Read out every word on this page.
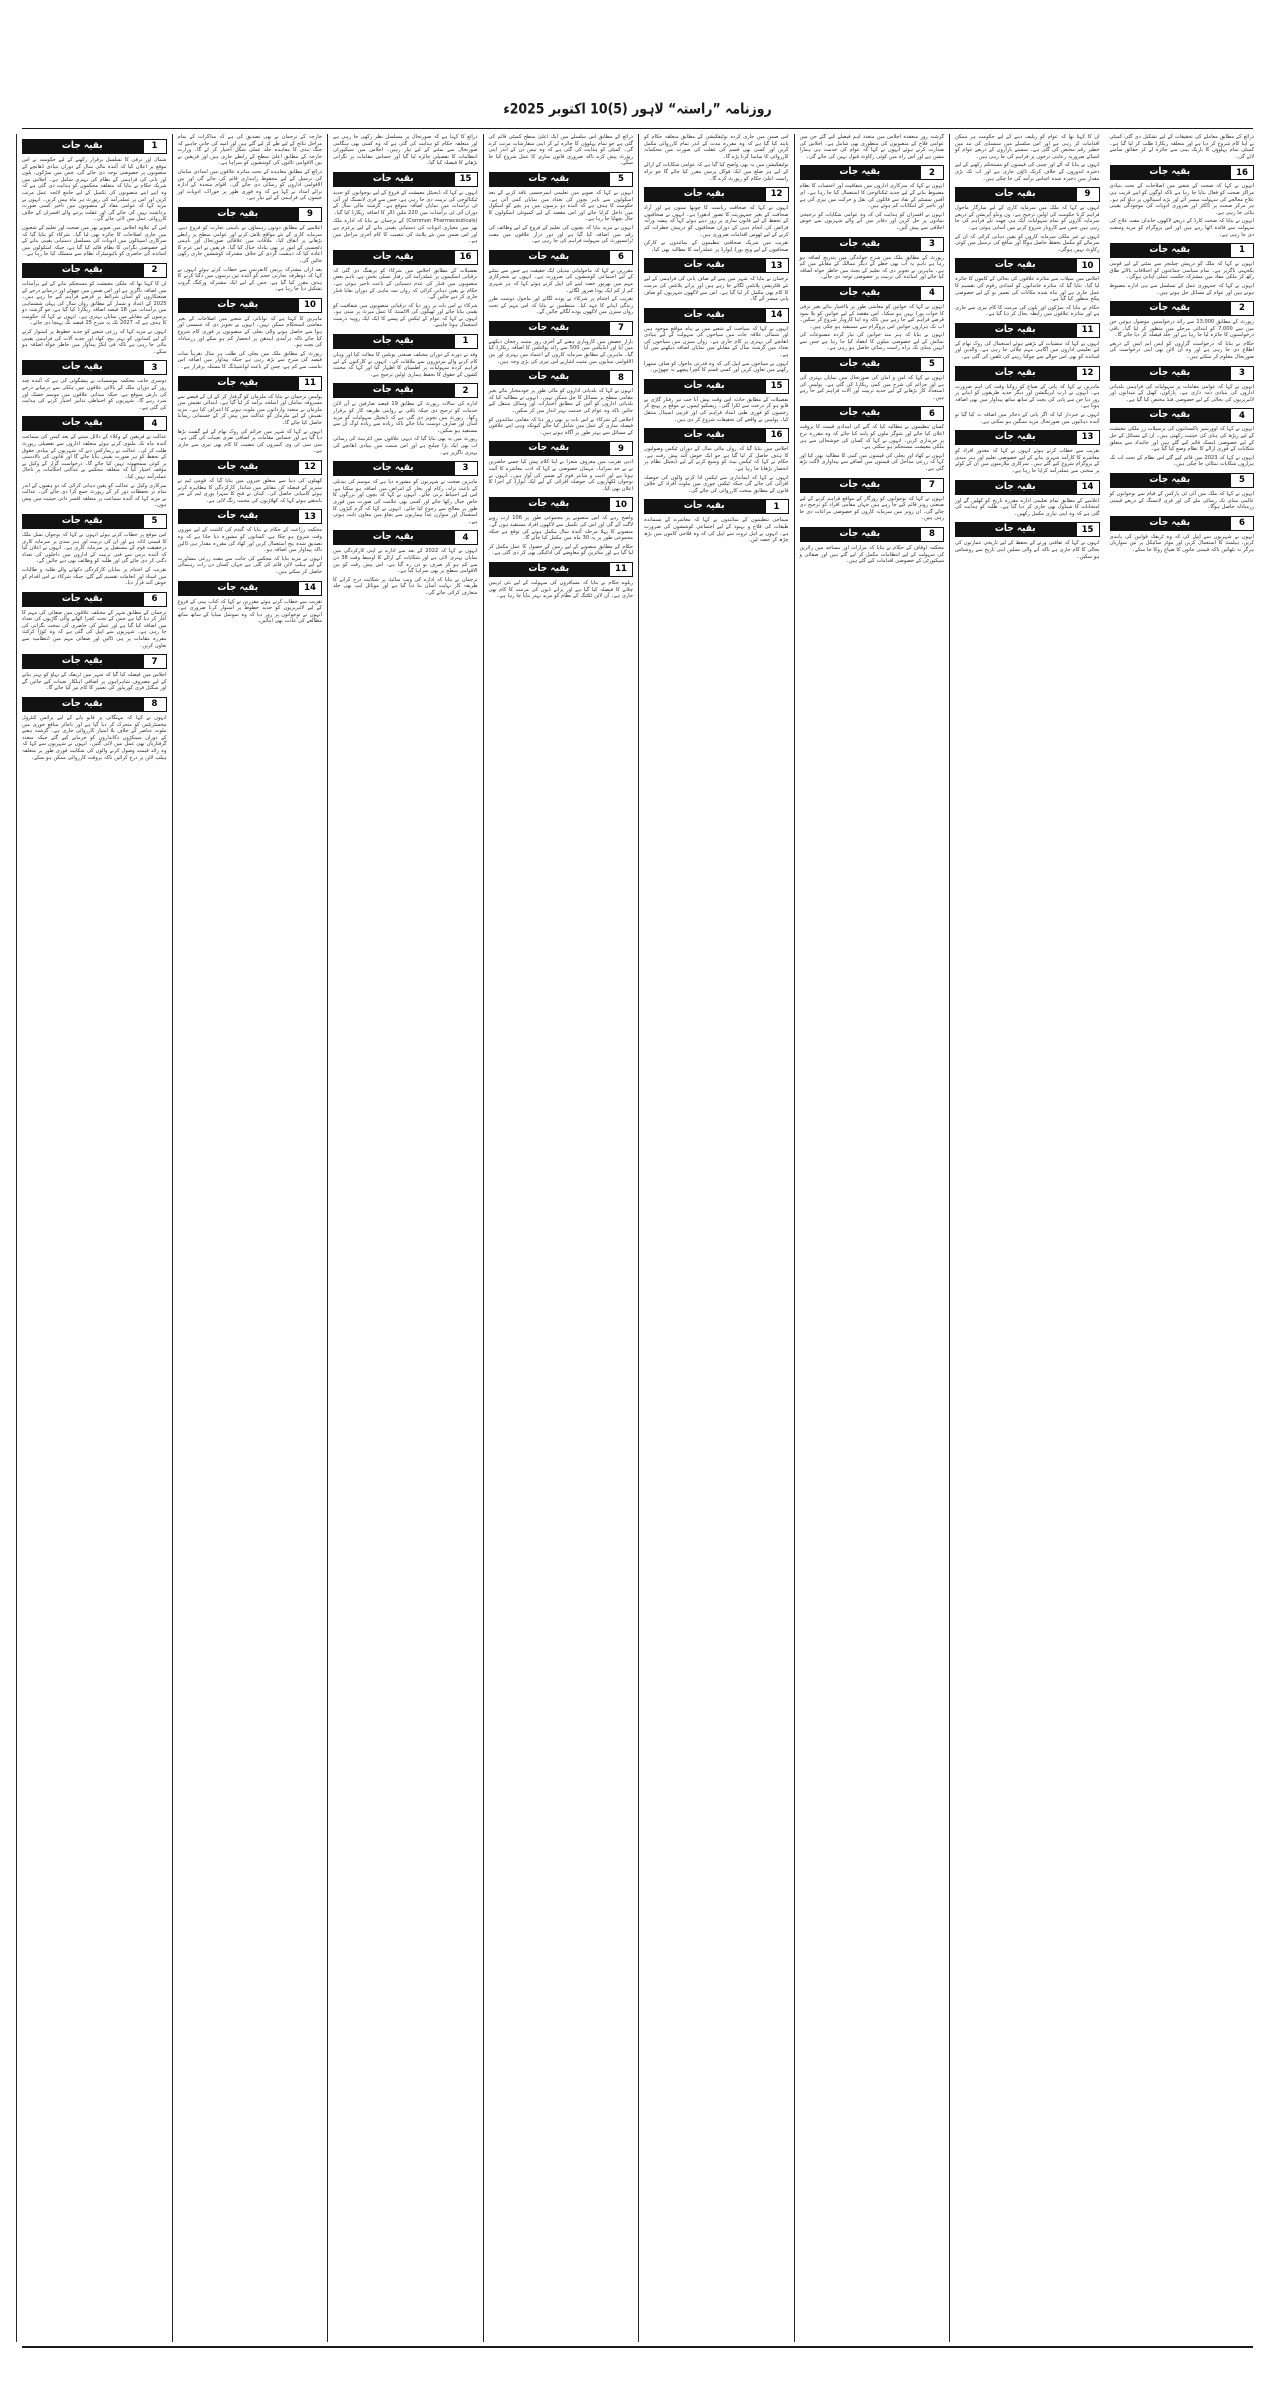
روزنامہ ”راستہ“ لاہور (5)10 اکتوبر 2025ء
1
بقیہ جات

شمال اور ترقی کا تسلسل برقرار رکھنے کے لیے حکومت نے اس موقع پر اعلان کیا کہ آئندہ مالی سال کے دوران بنیادی ڈھانچے کے منصوبوں پر خصوصی توجہ دی جائے گی، جس میں سڑکوں، پلوں اور پانی کی فراہمی کے نظام کی بہتری شامل ہے۔ اجلاس میں شریک حکام نے بتایا کہ متعلقہ محکموں کو ہدایت دی گئی ہے کہ وہ اپنے اپنے منصوبوں کی تکمیل کے لیے جامع لائحہ عمل مرتب کریں اور اس پر عملدرآمد کی رپورٹ ہر ماہ پیش کریں۔ انہوں نے مزید کہا کہ عوامی مفاد کے منصوبوں میں تاخیر کسی صورت برداشت نہیں کی جائے گی اور غفلت برتنے والے افسران کے خلاف کارروائی عمل میں لائی جائے گی۔

اس کے علاوہ اجلاس میں صوبے بھر میں صحت اور تعلیم کے شعبوں میں جاری اصلاحات کا جائزہ بھی لیا گیا۔ شرکاء کو بتایا گیا کہ سرکاری اسپتالوں میں ادویات کی مسلسل دستیابی یقینی بنانے کے لیے خصوصی نگرانی کا نظام قائم کیا گیا ہے، جبکہ اسکولوں میں اساتذہ کی حاضری کو بائیومیٹرک نظام سے منسلک کیا جا رہا ہے۔

2
بقیہ جات

ان کا کہنا تھا کہ ملکی معیشت کو مستحکم بنانے کے لیے برآمدات میں اضافہ ناگزیر ہے اور اس ضمن میں چھوٹے اور درمیانے درجے کے صنعتکاروں کو آسان شرائط پر قرضے فراہم کیے جا رہے ہیں۔ 2025 کے اعداد و شمار کے مطابق رواں سال کی پہلی ششماہی میں برآمدات میں 18 فیصد اضافہ ریکارڈ کیا گیا ہے، جو گزشتہ دو برسوں کے مقابلے میں نمایاں بہتری ہے۔ انہوں نے کہا کہ حکومت کا ہدف ہے کہ 2027 تک یہ شرح 25 فیصد تک پہنچا دی جائے۔

انہوں نے مزید کہا کہ زرعی شعبے کو جدید خطوط پر استوار کرنے کے لیے کسانوں کو بہتر بیج، کھاد اور جدید آلات کی فراہمی یقینی بنائی جا رہی ہے تاکہ فی ایکڑ پیداوار میں خاطر خواہ اضافہ ہو سکے۔

3
بقیہ جات

دوسری جانب محکمہ موسمیات نے پیشگوئی کی ہے کہ آئندہ چند روز کے دوران ملک کے بالائی علاقوں میں ہلکی سے درمیانے درجے کی بارش متوقع ہے، جبکہ میدانی علاقوں میں موسم خشک اور سرد رہے گا۔ شہریوں کو احتیاطی تدابیر اختیار کرنے کی ہدایت کی گئی ہے۔

4
بقیہ جات

عدالت نے فریقین کے وکلاء کے دلائل سننے کے بعد کیس کی سماعت آئندہ ماہ تک ملتوی کرتے ہوئے متعلقہ اداروں سے تفصیلی رپورٹ طلب کر لی۔ عدالت نے ریمارکس دیے کہ شہریوں کے بنیادی حقوق کے تحفظ کو ہر صورت یقینی بنایا جائے گا اور قانون کی بالادستی پر کوئی سمجھوتہ نہیں کیا جائے گا۔ درخواست گزار کے وکیل نے مؤقف اختیار کیا کہ متعلقہ محکمے نے عدالتی احکامات پر تاحال عملدرآمد نہیں کیا۔

سرکاری وکیل نے عدالت کو یقین دہانی کرائی کہ دو ہفتوں کے اندر تمام تر تحفظات دور کر کے رپورٹ جمع کرا دی جائے گی۔ عدالت نے مزید کہا کہ آئندہ سماعت پر متعلقہ افسر ذاتی حیثیت میں پیش ہوں۔

5
بقیہ جات

اس موقع پر خطاب کرتے ہوئے انہوں نے کہا کہ نوجوان نسل ملک کا قیمتی اثاثہ ہے اور ان کی تربیت اور ہنر مندی پر سرمایہ کاری درحقیقت قوم کے مستقبل پر سرمایہ کاری ہے۔ انہوں نے اعلان کیا کہ آئندہ برس سے فنی تربیت کے اداروں میں داخلوں کی تعداد دگنی کر دی جائے گی اور طلبہ کو وظائف بھی دیے جائیں گے۔

تقریب کے اختتام پر نمایاں کارکردگی دکھانے والے طلبہ و طالبات میں اسناد اور انعامات تقسیم کیے گئے، جبکہ شرکاء نے اس اقدام کو خوش آئند قرار دیا۔

6
بقیہ جات

ترجمان کے مطابق شہر کے مختلف علاقوں میں صفائی کی مہم کا آغاز کر دیا گیا ہے جس کے تحت کچرا اٹھانے والی گاڑیوں کی تعداد میں اضافہ کیا گیا ہے اور عملے کی حاضری کی سخت نگرانی کی جا رہی ہے۔ شہریوں سے اپیل کی گئی ہے کہ وہ کوڑا کرکٹ مقررہ مقامات پر ہی ڈالیں اور صفائی مہم میں انتظامیہ سے تعاون کریں۔

7
بقیہ جات

اجلاس میں فیصلہ کیا گیا کہ شہر میں ٹریفک کے بہاؤ کو بہتر بنانے کے لیے مصروف شاہراہوں پر اضافی اہلکار تعینات کیے جائیں گے اور سگنل فری کوریڈور کی تعمیر کا کام تیز کیا جائے گا۔

8
بقیہ جات

انہوں نے کہا کہ مہنگائی پر قابو پانے کے لیے پرائس کنٹرول مجسٹریٹس کو متحرک کر دیا گیا ہے اور ناجائز منافع خوری میں ملوث عناصر کے خلاف بلا امتیاز کارروائی جاری ہے۔ گزشتہ ہفتے کے دوران سینکڑوں دکانداروں کو جرمانے کیے گئے جبکہ متعدد گرفتاریاں بھی عمل میں لائی گئیں۔ انہوں نے شہریوں سے کہا کہ وہ زائد قیمت وصول کرنے والوں کی شکایت فوری طور پر متعلقہ ہیلپ لائن پر درج کرائیں تاکہ بروقت کارروائی ممکن ہو سکے۔

خارجہ کے ترجمان نے بھی تصدیق کی ہے کہ مذاکرات کے تمام مراحل نتائج کے لیے طے کر لیے گئے ہیں اور امید کی جانی چاہیے کہ جنگ بندی کا معاہدہ جلد عملی شکل اختیار کر لے گا۔ وزارت خارجہ کے مطابق اعلیٰ سطح کے رابطے جاری ہیں اور فریقین نے بین الاقوامی ثالثوں کی کوششوں کو سراہا ہے۔

ذرائع کے مطابق معاہدے کے تحت متاثرہ علاقوں میں امدادی سامان کی ترسیل کے لیے محفوظ راہداری قائم کی جائے گی اور بین الاقوامی اداروں کو رسائی دی جائے گی۔ اقوام متحدہ کے ادارہ برائے امداد نے کہا ہے کہ وہ فوری طور پر خوراک، ادویات اور خیموں کی فراہمی کے لیے تیار ہے۔

9
بقیہ جات

اعلامیے کے مطابق دونوں رہنماؤں نے باہمی تجارت کو فروغ دینے، سرمایہ کاری کے نئے مواقع تلاش کرنے اور عوامی سطح پر رابطے بڑھانے پر اتفاق کیا۔ ملاقات میں علاقائی صورتحال اور باہمی دلچسپی کے امور پر بھی تبادلہ خیال کیا گیا۔ فریقین نے اس عزم کا اعادہ کیا کہ دہشت گردی کے خلاف مشترکہ کوششیں جاری رکھی جائیں گی۔

بعد ازاں مشترکہ پریس کانفرنس سے خطاب کرتے ہوئے انہوں نے کہا کہ دوطرفہ تجارتی حجم کو آئندہ تین برسوں میں دگنا کرنے کا ہدف مقرر کیا گیا ہے، جس کے لیے ایک مشترکہ ورکنگ گروپ تشکیل دیا جا رہا ہے۔

10
بقیہ جات

ماہرین کا کہنا ہے کہ توانائی کے شعبے میں اصلاحات کے بغیر معاشی استحکام ممکن نہیں۔ انہوں نے تجویز دی کہ شمسی اور ہوا سے حاصل ہونے والی بجلی کے منصوبوں پر فوری کام شروع کیا جائے تاکہ درآمدی ایندھن پر انحصار کم ہو سکے اور زرمبادلہ کی بچت ہو۔

رپورٹ کے مطابق ملک میں بجلی کی طلب ہر سال تقریباً سات فیصد کی شرح سے بڑھ رہی ہے جبکہ پیداوار میں اضافہ اس تناسب سے کم ہے، جس کے باعث لوڈشیڈنگ کا مسئلہ برقرار ہے۔

11
بقیہ جات

پولیس ترجمان نے بتایا کہ ملزمان کو گرفتار کر کے ان کے قبضے سے مسروقہ سامان اور اسلحہ برآمد کر لیا گیا ہے۔ ابتدائی تفتیش میں ملزمان نے متعدد وارداتوں میں ملوث ہونے کا اعتراف کیا ہے۔ مزید تفتیش کے لیے ملزمان کو عدالت میں پیش کر کے جسمانی ریمانڈ حاصل کیا جائے گا۔

انہوں نے کہا کہ شہر میں جرائم کی روک تھام کے لیے گشت بڑھا دیا گیا ہے اور حساس مقامات پر اضافی نفری تعینات کی گئی ہے۔ سی سی ٹی وی کیمروں کی تنصیب کا کام بھی تیزی سے جاری ہے۔

12
بقیہ جات

کھیلوں کی دنیا سے متعلق خبروں میں بتایا گیا کہ قومی ٹیم نے سیریز کے فیصلہ کن مقابلے میں شاندار کارکردگی کا مظاہرہ کرتے ہوئے کامیابی حاصل کی۔ کپتان نے فتح کا سہرا پوری ٹیم کے سر باندھتے ہوئے کہا کہ کھلاڑیوں کی محنت رنگ لائی ہے۔

13
بقیہ جات

محکمہ زراعت کے حکام نے بتایا کہ گندم کی کاشت کے لیے موزوں وقت شروع ہو چکا ہے، کسانوں کو مشورہ دیا جاتا ہے کہ وہ تصدیق شدہ بیج استعمال کریں اور کھاد کی مقررہ مقدار ہی ڈالیں تاکہ پیداوار میں اضافہ ہو۔

انہوں نے مزید بتایا کہ محکمے کی جانب سے مفت زرعی مشاورت کے لیے ہیلپ لائن قائم کی گئی ہے جہاں کسان دن رات رہنمائی حاصل کر سکتے ہیں۔

14
بقیہ جات

تقریب سے خطاب کرتے ہوئے مقررین نے کہا کہ کتاب بینی کے فروغ کے لیے لائبریریوں کو جدید خطوط پر استوار کرنا ضروری ہے۔ انہوں نے نوجوانوں پر زور دیا کہ وہ سوشل میڈیا کے ساتھ ساتھ مطالعے کی عادت بھی اپنائیں۔

ذرائع کا کہنا ہے کہ صورتحال پر مسلسل نظر رکھی جا رہی ہے اور متعلقہ حکام کو ہدایت کی گئی ہے کہ وہ کسی بھی ہنگامی صورتحال سے نمٹنے کے لیے تیار رہیں۔ اجلاس میں سیکیورٹی انتظامات کا تفصیلی جائزہ لیا گیا اور حساس مقامات پر نگرانی بڑھانے کا فیصلہ کیا گیا۔

15
بقیہ جات

انہوں نے کہا کہ ڈیجیٹل معیشت کے فروغ کے لیے نوجوانوں کو جدید ٹیکنالوجی کی تربیت دی جا رہی ہے، جس سے فری لانسنگ اور آئی ٹی برآمدات میں نمایاں اضافہ متوقع ہے۔ گزشتہ مالی سال کے دوران آئی ٹی برآمدات میں 220 ملین ڈالر کا اضافہ ریکارڈ کیا گیا۔

(Common Pharmaceuticals) کے ترجمان نے بتایا کہ ادارہ ملک بھر میں معیاری ادویات کی دستیابی یقینی بنانے کے لیے پرعزم ہے اور اس ضمن میں نئے پلانٹ کی تنصیب کا کام آخری مراحل میں ہے۔

16
بقیہ جات

تفصیلات کے مطابق اجلاس میں شرکاء کو بریفنگ دی گئی کہ ترقیاتی اسکیموں پر عملدرآمد کی رفتار تسلی بخش ہے، تاہم بعض منصوبوں میں فنڈز کی عدم دستیابی کے باعث تاخیر ہوئی ہے۔ حکام نے یقین دہانی کرائی کہ رواں سہ ماہی کے دوران بقایا فنڈز جاری کر دیے جائیں گے۔

شرکاء نے اس بات پر زور دیا کہ ترقیاتی منصوبوں میں شفافیت کو یقینی بنایا جائے اور ٹھیکوں کی الاٹمنٹ کا عمل میرٹ پر مبنی ہو۔ انہوں نے کہا کہ عوام کے ٹیکس کے پیسے کا ایک ایک روپیہ درست استعمال ہونا چاہیے۔

1
بقیہ جات

وفد نے دورے کے دوران مختلف صنعتی یونٹس کا معائنہ کیا اور وہاں کام کرنے والے مزدوروں سے ملاقات کی۔ انہوں نے کارکنوں کے لیے فراہم کردہ سہولیات پر اطمینان کا اظہار کیا اور کہا کہ محنت کشوں کے حقوق کا تحفظ ہماری اولین ترجیح ہے۔

2
بقیہ جات

ادارے کی سالانہ رپورٹ کے مطابق 19 فیصد صارفین نے آن لائن خدمات کو ترجیح دی جبکہ باقی نے روایتی طریقہ کار کو برقرار رکھا۔ رپورٹ میں تجویز دی گئی ہے کہ ڈیجیٹل سہولیات کو مزید آسان اور صارف دوست بنایا جائے تاکہ زیادہ سے زیادہ لوگ ان سے مستفید ہو سکیں۔

رپورٹ میں یہ بھی بتایا گیا کہ دیہی علاقوں میں انٹرنیٹ کی رسائی اب بھی ایک بڑا چیلنج ہے اور اس سمت میں بنیادی ڈھانچے کی بہتری ناگزیر ہے۔

3
بقیہ جات

ماہرین صحت نے شہریوں کو مشورہ دیا ہے کہ موسم کی تبدیلی کے باعث نزلہ، زکام اور بخار کے امراض میں اضافہ ہو سکتا ہے، اس لیے احتیاط برتی جائے۔ انہوں نے کہا کہ بچوں اور بزرگوں کا خاص خیال رکھا جائے اور کسی بھی علامت کی صورت میں فوری طور پر معالج سے رجوع کیا جائے۔ انہوں نے کہا کہ گرم کپڑوں کا استعمال اور متوازن غذا بیماریوں سے بچاؤ میں معاون ثابت ہوتی ہے۔

4
بقیہ جات

انہوں نے کہا کہ 2022 کے بعد سے ادارے نے اپنی کارکردگی میں نمایاں بہتری لائی ہے اور شکایات کے ازالے کا اوسط وقت 38 دن سے کم ہو کر صرف نو دن رہ گیا ہے۔ اس پیش رفت کو بین الاقوامی سطح پر بھی سراہا گیا ہے۔

ترجمان نے بتایا کہ ادارے کی ویب سائٹ پر شکایت درج کرانے کا طریقہ کار نہایت آسان بنا دیا گیا ہے اور موبائل ایپ بھی جلد متعارف کرائی جائے گی۔

ذرائع کے مطابق اس سلسلے میں ایک اعلیٰ سطح کمیٹی قائم کی گئی ہے جو تمام پہلوؤں کا جائزہ لے کر اپنی سفارشات مرتب کرے گی۔ کمیٹی کو ہدایت کی گئی ہے کہ وہ تیس دن کے اندر اپنی رپورٹ پیش کرے تاکہ ضروری قانون سازی کا عمل شروع کیا جا سکے۔

5
بقیہ جات

انہوں نے کہا کہ صوبے میں تعلیمی ایمرجنسی نافذ کرنے کے بعد اسکولوں سے باہر بچوں کی تعداد میں نمایاں کمی آئی ہے۔ حکومت کا ہدف ہے کہ آئندہ دو برسوں میں ہر بچے کو اسکول میں داخل کرایا جائے اور اس مقصد کے لیے کمیونٹی اسکولوں کا جال بچھایا جا رہا ہے۔

انہوں نے مزید بتایا کہ بچیوں کی تعلیم کے فروغ کے لیے وظائف کی رقم میں اضافہ کیا گیا ہے اور دور دراز علاقوں میں مفت ٹرانسپورٹ کی سہولت فراہم کی جا رہی ہے۔

6
بقیہ جات

مقررین نے کہا کہ ماحولیاتی تبدیلی ایک حقیقت ہے جس سے نمٹنے کے لیے اجتماعی کوششوں کی ضرورت ہے۔ انہوں نے شجرکاری مہم میں بھرپور حصہ لینے کی اپیل کرتے ہوئے کہا کہ ہر شہری کم از کم ایک پودا ضرور لگائے۔

تقریب کے اختتام پر شرکاء نے پودے لگائے اور ماحول دوست طرز زندگی اپنانے کا عہد کیا۔ منتظمین نے بتایا کہ اس مہم کے تحت رواں سیزن میں لاکھوں پودے لگائے جائیں گے۔

7
بقیہ جات

بازار حصص میں کاروباری ہفتے کے آخری روز مثبت رجحان دیکھنے میں آیا اور انڈیکس میں 500 سے زائد پوائنٹس کا اضافہ ریکارڈ کیا گیا۔ ماہرین کے مطابق سرمایہ کاروں کے اعتماد میں بہتری اور بین الاقوامی منڈیوں میں مثبت اشاریے اس تیزی کی بڑی وجہ ہیں۔

8
بقیہ جات

انہوں نے کہا کہ بلدیاتی اداروں کو مالی طور پر خودمختار بنائے بغیر مقامی سطح پر مسائل کا حل ممکن نہیں۔ انہوں نے مطالبہ کیا کہ بلدیاتی اداروں کو آئین کے مطابق اختیارات اور وسائل منتقل کیے جائیں تاکہ وہ عوام کی خدمت بہتر انداز میں کر سکیں۔

اجلاس کے شرکاء نے اس بات پر بھی زور دیا کہ مقامی نمائندوں کو فیصلہ سازی کے عمل میں شامل کیا جائے کیونکہ وہی اپنے علاقوں کے مسائل سے بہتر طور پر آگاہ ہوتے ہیں۔

9
بقیہ جات

ادبی تقریب میں معروف شعرا نے اپنا کلام پیش کیا جسے حاضرین نے بے حد سراہا۔ مہمان خصوصی نے کہا کہ ادب معاشرے کا آئینہ ہوتا ہے اور ادیب و شاعر قوم کے ضمیر کی آواز ہیں۔ انہوں نے نوجوان لکھاریوں کی حوصلہ افزائی کے لیے ایک ایوارڈ کے اجرا کا اعلان بھی کیا۔

10
بقیہ جات

واضح رہے کہ اس منصوبے پر مجموعی طور پر 106 ارب روپے لاگت آئے گی اور اس کی تکمیل سے لاکھوں افراد مستفید ہوں گے۔ منصوبے کا پہلا مرحلہ آئندہ سال مکمل ہونے کی توقع ہے جبکہ مجموعی طور پر یہ 30 ماہ میں مکمل کیا جائے گا۔

حکام کے مطابق منصوبے کے لیے زمین کے حصول کا عمل مکمل کر لیا گیا ہے اور متاثرین کو معاوضے کی ادائیگی بھی کر دی گئی ہے۔

11
بقیہ جات

ریلوے حکام نے بتایا کہ مسافروں کی سہولت کے لیے نئی ٹرینیں چلانے کا فیصلہ کیا گیا ہے اور پرانے ڈبوں کی مرمت کا کام بھی جاری ہے۔ آن لائن ٹکٹنگ کے نظام کو مزید بہتر بنایا جا رہا ہے۔

اس ضمن میں جاری کردہ نوٹیفکیشن کے مطابق متعلقہ حکام کو پابند کیا گیا ہے کہ وہ مقررہ مدت کے اندر تمام کارروائی مکمل کریں اور کسی بھی قسم کی غفلت کی صورت میں محکمانہ کارروائی کا سامنا کرنا پڑے گا۔

نوٹیفکیشن میں یہ بھی واضح کیا گیا ہے کہ عوامی شکایات کے ازالے کے لیے ہر ضلع میں ایک فوکل پرسن مقرر کیا جائے گا جو براہ راست اعلیٰ حکام کو رپورٹ کرے گا۔

12
بقیہ جات

انہوں نے کہا کہ صحافت ریاست کا چوتھا ستون ہے اور آزاد صحافت کے بغیر جمہوریت کا تصور ادھورا ہے۔ انہوں نے صحافیوں کے تحفظ کے لیے قانون سازی پر زور دیتے ہوئے کہا کہ پیشہ ورانہ فرائض کی انجام دہی کے دوران صحافیوں کو درپیش خطرات کم کرنے کے لیے ٹھوس اقدامات ضروری ہیں۔

تقریب میں شریک صحافتی تنظیموں کے نمائندوں نے کارکن صحافیوں کے لیے ویج بورڈ ایوارڈ پر عملدرآمد کا مطالبہ بھی کیا۔

13
بقیہ جات

ترجمان نے بتایا کہ شہر میں پینے کے صاف پانی کی فراہمی کے لیے نئے فلٹریشن پلانٹس لگائے جا رہے ہیں اور پرانے پلانٹس کی مرمت کا کام بھی مکمل کر لیا گیا ہے۔ اس سے لاکھوں شہریوں کو صاف پانی میسر آئے گا۔

14
بقیہ جات

انہوں نے کہا کہ سیاحت کے شعبے میں بے پناہ مواقع موجود ہیں اور شمالی علاقہ جات میں سیاحوں کی سہولت کے لیے بنیادی ڈھانچے کی بہتری پر کام جاری ہے۔ رواں سیزن میں سیاحوں کی تعداد میں گزشتہ سال کے مقابلے میں نمایاں اضافہ دیکھنے میں آیا ہے۔

انہوں نے سیاحوں سے اپیل کی کہ وہ قدرتی ماحول کو صاف ستھرا رکھنے میں تعاون کریں اور کسی قسم کا کچرا پیچھے نہ چھوڑیں۔

15
بقیہ جات

تفصیلات کے مطابق حادثہ اس وقت پیش آیا جب تیز رفتار گاڑی بے قابو ہو کر درخت سے ٹکرا گئی۔ ریسکیو ٹیموں نے موقع پر پہنچ کر زخمیوں کو فوری طبی امداد فراہم کی اور قریبی اسپتال منتقل کیا۔ پولیس نے واقعے کی تحقیقات شروع کر دی ہیں۔

16
بقیہ جات

اجلاس میں بتایا گیا کہ رواں مالی سال کے دوران ٹیکس وصولیوں کا ہدف حاصل کر لیا گیا ہے جو ایک خوش آئند پیش رفت ہے۔ حکام نے کہا کہ ٹیکس نیٹ کو وسیع کرنے کے لیے ڈیجیٹل نظام پر انحصار بڑھایا جا رہا ہے۔

انہوں نے کہا کہ ایمانداری سے ٹیکس ادا کرنے والوں کی حوصلہ افزائی کی جائے گی جبکہ ٹیکس چوری میں ملوث افراد کے خلاف قانون کے مطابق سخت کارروائی کی جائے گی۔

1
بقیہ جات

سماجی تنظیموں کے نمائندوں نے کہا کہ معاشرے کے پسماندہ طبقات کی فلاح و بہبود کے لیے اجتماعی کوششوں کی ضرورت ہے۔ انہوں نے اہل ثروت سے اپیل کی کہ وہ فلاحی کاموں میں بڑھ چڑھ کر حصہ لیں۔

گزشتہ روز منعقدہ اجلاس میں متعدد اہم فیصلے کیے گئے جن میں عوامی فلاح کے منصوبوں کی منظوری بھی شامل ہے۔ اجلاس کی صدارت کرتے ہوئے انہوں نے کہا کہ عوام کی خدمت ہی ہمارا مشن ہے اور اس راہ میں کوئی رکاوٹ قبول نہیں کی جائے گی۔

2
بقیہ جات

انہوں نے کہا کہ سرکاری اداروں میں شفافیت اور احتساب کا نظام مضبوط بنانے کے لیے جدید ٹیکنالوجی کا استعمال کیا جا رہا ہے۔ ای آفس سسٹم کے نفاذ سے فائلوں کی نقل و حرکت میں تیزی آئی ہے اور تاخیر کے امکانات کم ہوئے ہیں۔

انہوں نے افسران کو ہدایت کی کہ وہ عوامی شکایات کو ترجیحی بنیادوں پر حل کریں اور دفاتر میں آنے والے شہریوں سے خوش اخلاقی سے پیش آئیں۔

3
بقیہ جات

رپورٹ کے مطابق ملک میں شرح خواندگی میں بتدریج اضافہ ہو رہا ہے تاہم یہ اب بھی خطے کے دیگر ممالک کے مقابلے میں کم ہے۔ ماہرین نے تجویز دی کہ تعلیم کے بجٹ میں خاطر خواہ اضافہ کیا جائے اور اساتذہ کی تربیت پر خصوصی توجہ دی جائے۔

4
بقیہ جات

انہوں نے کہا کہ خواتین کو معاشی طور پر بااختیار بنائے بغیر ترقی کا خواب پورا نہیں ہو سکتا۔ اس مقصد کے لیے خواتین کو بلا سود قرضے فراہم کیے جا رہے ہیں تاکہ وہ اپنا کاروبار شروع کر سکیں۔ اب تک ہزاروں خواتین اس پروگرام سے مستفید ہو چکی ہیں۔

انہوں نے بتایا کہ ہنر مند خواتین کی تیار کردہ مصنوعات کی نمائش کے لیے خصوصی میلوں کا انعقاد کیا جا رہا ہے جس سے انہیں منڈی تک براہ راست رسائی حاصل ہو رہی ہے۔

5
بقیہ جات

انہوں نے کہا کہ امن و امان کی صورتحال میں نمایاں بہتری آئی ہے اور جرائم کی شرح میں کمی ریکارڈ کی گئی ہے۔ پولیس کی استعداد کار بڑھانے کے لیے جدید تربیت اور آلات فراہم کیے جا رہے ہیں۔

6
بقیہ جات

کسان تنظیموں نے مطالبہ کیا کہ گنے کی امدادی قیمت کا بروقت اعلان کیا جائے اور شوگر ملوں کو پابند کیا جائے کہ وہ مقررہ نرخ پر خریداری کریں۔ انہوں نے کہا کہ کسان کی خوشحالی سے ہی ملکی معیشت مستحکم ہو سکتی ہے۔

انہوں نے کھاد اور بجلی کی قیمتوں میں کمی کا مطالبہ بھی کیا اور کہا کہ زرعی مداخل کی قیمتوں میں اضافے سے پیداواری لاگت بڑھ گئی ہے۔

7
بقیہ جات

انہوں نے کہا کہ نوجوانوں کو روزگار کے مواقع فراہم کرنے کے لیے صنعتی زونز قائم کیے جا رہے ہیں جہاں مقامی افراد کو ترجیح دی جائے گی۔ ان زونز میں سرمایہ کاروں کو خصوصی مراعات دی جا رہی ہیں۔

8
بقیہ جات

محکمہ اوقاف کے حکام نے بتایا کہ مزارات اور مساجد میں زائرین کی سہولت کے لیے انتظامات مکمل کر لیے گئے ہیں اور صفائی و سیکیورٹی کے خصوصی اقدامات کیے گئے ہیں۔

ان کا کہنا تھا کہ عوام کو ریلیف دینے کے لیے حکومت ہر ممکن اقدامات کر رہی ہے اور اس سلسلے میں سبسڈی کی مد میں خطیر رقم مختص کی گئی ہے۔ سستے بازاروں کے ذریعے عوام کو اشیائے ضروریہ رعایتی نرخوں پر فراہم کی جا رہی ہیں۔

انہوں نے بتایا کہ آٹے اور چینی کی قیمتوں کو مستحکم رکھنے کے لیے ذخیرہ اندوزوں کے خلاف کریک ڈاؤن جاری ہے اور اب تک بڑی مقدار میں ذخیرہ شدہ اجناس برآمد کی جا چکی ہیں۔

9
بقیہ جات

انہوں نے کہا کہ ملک میں سرمایہ کاری کے لیے سازگار ماحول فراہم کرنا حکومت کی اولین ترجیح ہے۔ ون ونڈو آپریشن کے ذریعے سرمایہ کاروں کو تمام سہولیات ایک ہی چھت تلے فراہم کی جا رہی ہیں جس سے کاروبار شروع کرنے میں آسانی ہوئی ہے۔

انہوں نے غیر ملکی سرمایہ کاروں کو یقین دہانی کرائی کہ ان کے سرمائے کو مکمل تحفظ حاصل ہوگا اور منافع کی ترسیل میں کوئی رکاوٹ نہیں ہوگی۔

10
بقیہ جات

اجلاس میں سیلاب سے متاثرہ علاقوں کی بحالی کے کاموں کا جائزہ لیا گیا۔ بتایا گیا کہ متاثرہ خاندانوں کو امدادی رقوم کی تقسیم کا عمل جاری ہے اور تباہ شدہ مکانات کی تعمیر نو کے لیے خصوصی پیکج منظور کیا گیا ہے۔

حکام نے بتایا کہ سڑکوں اور پلوں کی مرمت کا کام تیزی سے جاری ہے اور متاثرہ علاقوں میں رابطہ بحال کر دیا گیا ہے۔

11
بقیہ جات

انہوں نے کہا کہ منشیات کے بڑھتے ہوئے استعمال کی روک تھام کے لیے تعلیمی اداروں میں آگاہی مہم چلائی جا رہی ہے۔ والدین اور اساتذہ کو بھی اس حوالے سے چوکنا رہنے کی تلقین کی گئی ہے۔

12
بقیہ جات

ماہرین نے کہا کہ پانی کے ضیاع کو روکنا وقت کی اہم ضرورت ہے۔ انہوں نے ڈرپ ایریگیشن اور دیگر جدید طریقوں کو اپنانے پر زور دیا جن سے پانی کی بچت کے ساتھ ساتھ پیداوار میں بھی اضافہ ہوتا ہے۔

انہوں نے خبردار کیا کہ اگر پانی کے ذخائر میں اضافہ نہ کیا گیا تو آئندہ دہائیوں میں صورتحال مزید سنگین ہو سکتی ہے۔

13
بقیہ جات

تقریب سے خطاب کرتے ہوئے انہوں نے کہا کہ معذور افراد کو معاشرے کا کارآمد شہری بنانے کے لیے خصوصی تعلیم اور ہنر مندی کے پروگرام شروع کیے گئے ہیں۔ سرکاری ملازمتوں میں ان کے کوٹے پر سختی سے عملدرآمد کرایا جا رہا ہے۔

14
بقیہ جات

اعلامیے کے مطابق تمام تعلیمی ادارے مقررہ تاریخ کو کھلیں گے اور امتحانات کا شیڈول بھی جاری کر دیا گیا ہے۔ طلبہ کو ہدایت کی گئی ہے کہ وہ اپنی تیاری مکمل رکھیں۔

15
بقیہ جات

انہوں نے کہا کہ ثقافتی ورثے کے تحفظ کے لیے تاریخی عمارتوں کی بحالی کا کام جاری ہے تاکہ آنے والی نسلیں اپنی تاریخ سے روشناس ہو سکیں۔

ذرائع کے مطابق معاملے کی تحقیقات کے لیے تشکیل دی گئی کمیٹی نے اپنا کام شروع کر دیا ہے اور متعلقہ ریکارڈ طلب کر لیا گیا ہے۔ کمیٹی تمام پہلوؤں کا باریک بینی سے جائزہ لے کر حقائق سامنے لائے گی۔

16
بقیہ جات

انہوں نے کہا کہ صحت کے شعبے میں اصلاحات کے تحت بنیادی مراکز صحت کو فعال بنایا جا رہا ہے تاکہ لوگوں کو اپنے قریب ہی علاج معالجے کی سہولت میسر آئے اور بڑے اسپتالوں پر دباؤ کم ہو۔ ہر مرکز صحت پر ڈاکٹر اور ضروری ادویات کی موجودگی یقینی بنائی جا رہی ہے۔

انہوں نے بتایا کہ صحت کارڈ کے ذریعے لاکھوں خاندان مفت علاج کی سہولت سے فائدہ اٹھا رہے ہیں اور اس پروگرام کو مزید وسعت دی جا رہی ہے۔

1
بقیہ جات

انہوں نے کہا کہ ملک کو درپیش چیلنجز سے نمٹنے کے لیے قومی یکجہتی ناگزیر ہے۔ تمام سیاسی جماعتوں کو اختلافات بالائے طاق رکھ کر ملکی مفاد میں مشترکہ حکمت عملی اپنانی ہوگی۔

انہوں نے کہا کہ جمہوری عمل کے تسلسل سے ہی ادارے مضبوط ہوتے ہیں اور عوام کے مسائل حل ہوتے ہیں۔

2
بقیہ جات

رپورٹ کے مطابق 13,000 سے زائد درخواستیں موصول ہوئیں جن میں سے 7,000 کو ابتدائی مرحلے میں منظور کر لیا گیا۔ باقی درخواستوں کا جائزہ لیا جا رہا ہے اور جلد فیصلہ کر دیا جائے گا۔

حکام نے بتایا کہ درخواست گزاروں کو ایس ایم ایس کے ذریعے اطلاع دی جا رہی ہے اور وہ آن لائن بھی اپنی درخواست کی صورتحال معلوم کر سکتے ہیں۔

3
بقیہ جات

انہوں نے کہا کہ عوامی مقامات پر سہولیات کی فراہمی بلدیاتی اداروں کی بنیادی ذمہ داری ہے۔ پارکوں، کھیل کے میدانوں اور لائبریریوں کی بحالی کے لیے خصوصی فنڈ مختص کیا گیا ہے۔

4
بقیہ جات

انہوں نے کہا کہ اوورسیز پاکستانیوں کی ترسیلات زر ملکی معیشت کے لیے ریڑھ کی ہڈی کی حیثیت رکھتی ہیں۔ ان کے مسائل کے حل کے لیے خصوصی ڈیسک قائم کیے گئے ہیں اور جائیداد سے متعلق شکایات کے فوری ازالے کا نظام وضع کیا گیا ہے۔

انہوں نے کہا کہ 2023 میں قائم کیے گئے اس نظام کے تحت اب تک ہزاروں شکایات نمٹائی جا چکی ہیں۔

5
بقیہ جات

انہوں نے کہا کہ ملک میں آئی ٹی پارکس کے قیام سے نوجوانوں کو عالمی منڈی تک رسائی ملے گی اور فری لانسنگ کے ذریعے قیمتی زرمبادلہ حاصل ہوگا۔

6
بقیہ جات

انہوں نے شہریوں سے اپیل کی کہ وہ ٹریفک قوانین کی پابندی کریں، ہیلمٹ کا استعمال کریں اور موٹر سائیکل پر تین سواریاں ہرگز نہ بٹھائیں تاکہ قیمتی جانوں کا ضیاع روکا جا سکے۔
